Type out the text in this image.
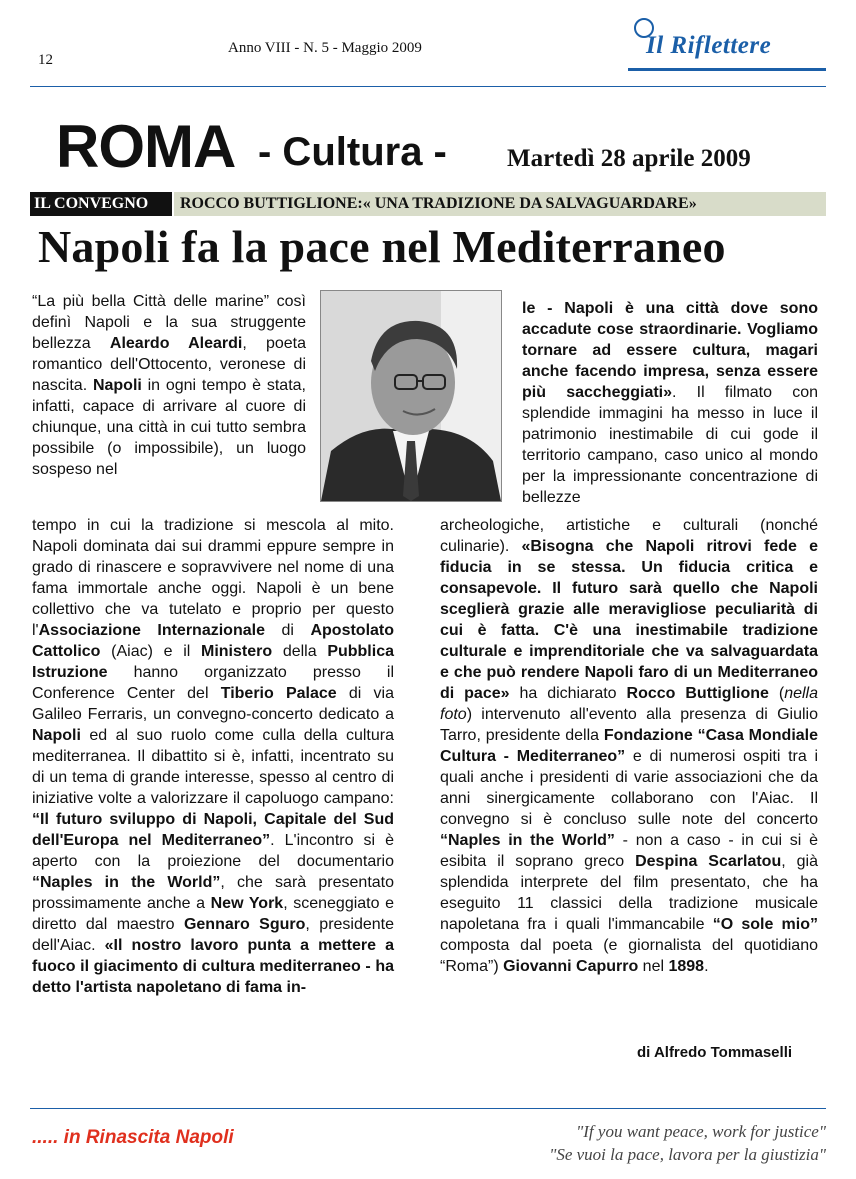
12
Anno VIII - N. 5 - Maggio 2009	Il Riflettere
ROMA - Cultura - Martedì 28 aprile 2009
IL CONVEGNO ROCCO BUTTIGLIONE:« UNA TRADIZIONE DA SALVAGUARDARE»
Napoli fa la pace nel Mediterraneo

“La più bella Città delle marine” così definì Napoli e la sua struggente bellezza Aleardo Aleardi, poeta romantico dell'Ottocento, veronese di nascita. Napoli in ogni tempo è stata, infatti, capace di arrivare al cuore di chiunque, una città in cui tutto sembra possibile (o impossibile), un luogo sospeso nel

tempo in cui la tradizione si mescola al mito. Napoli dominata dai sui drammi eppure sempre in grado di rinascere e sopravvivere nel nome di una fama immortale anche oggi. Napoli è un bene collettivo che va tutelato e proprio per questo l'Associazione Internazionale di Apostolato Cattolico (Aiac) e il Ministero della Pubblica Istruzione hanno organizzato presso il Conference Center del Tiberio Palace di via Galileo Ferraris, un convegno-concerto dedicato a Napoli ed al suo ruolo come culla della cultura mediterranea. Il dibattito si è, infatti, incentrato su di un tema di grande interesse, spesso al centro di iniziative volte a valorizzare il capoluogo campano: “Il futuro sviluppo di Napoli, Capitale del Sud dell'Europa nel Mediterraneo”. L'incontro si è aperto con la proiezione del documentario “Naples in the World”, che sarà presentato prossimamente anche a New York, sceneggiato e diretto dal maestro Gennaro Sguro, presidente dell'Aiac. «Il nostro lavoro punta a mettere a fuoco il giacimento di cultura mediterraneo - ha detto l'artista napoletano di fama in-

le - Napoli è una città dove sono accadute cose straordinarie. Vogliamo tornare ad essere cultura, magari anche facendo impresa, senza essere più saccheggiati». Il filmato con splendide immagini ha messo in luce il patrimonio inestimabile di cui gode il territorio campano, caso unico al mondo per la impressionante concentrazione di bellezze

archeologiche, artistiche e culturali (nonché culinarie). «Bisogna che Napoli ritrovi fede e fiducia in se stessa. Un fiducia critica e consapevole. Il futuro sarà quello che Napoli sceglierà grazie alle meravigliose peculiarità di cui è fatta. C'è una inestimabile tradizione culturale e imprenditoriale che va salvaguardata e che può rendere Napoli faro di un Mediterraneo di pace» ha dichiarato Rocco Buttiglione (nella foto) intervenuto all'evento alla presenza di Giulio Tarro, presidente della Fondazione “Casa Mondiale Cultura - Mediterraneo” e di numerosi ospiti tra i quali anche i presidenti di varie associazioni che da anni sinergicamente collaborano con l'Aiac. Il convegno si è concluso sulle note del concerto “Naples in the World” - non a caso - in cui si è esibita il soprano greco Despina Scarlatou, già splendida interprete del film presentato, che ha eseguito 11 classici della tradizione musicale napoletana fra i quali l'immancabile “O sole mio” composta dal poeta (e giornalista del quotidiano “Roma”) Giovanni Capurro nel 1898.

di Alfredo Tommaselli
..... in Rinascita Napoli	"If you want peace, work for justice"
"Se vuoi la pace, lavora per la giustizia"
